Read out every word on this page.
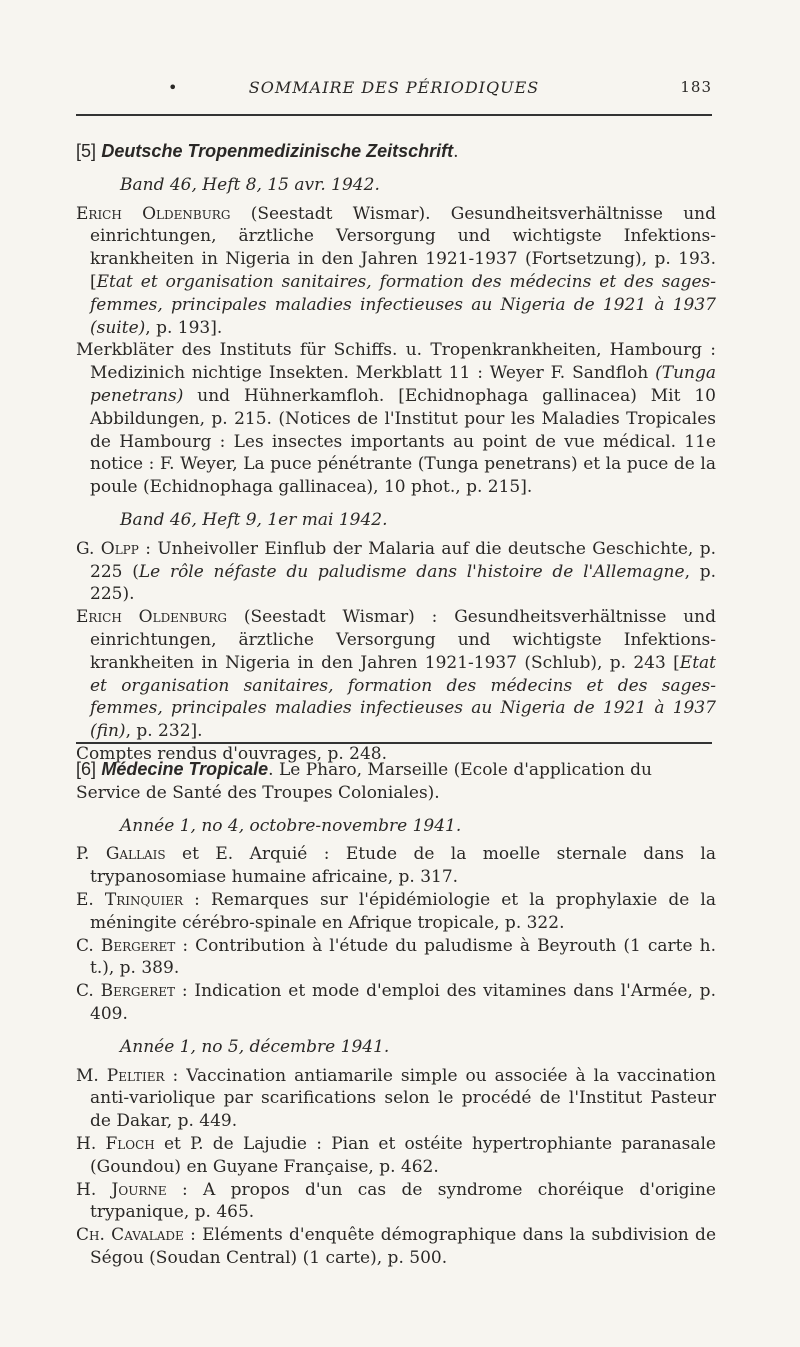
•	SOMMAIRE DES PÉRIODIQUES	183
[5] Deutsche Tropenmedizinische Zeitschrift.
Band 46, Heft 8, 15 avr. 1942.

Erich Oldenburg (Seestadt Wismar). Gesundheitsverhältnisse und einrichtungen, ärztliche Versorgung und wichtigste Infektions-krankheiten in Nigeria in den Jahren 1921-1937 (Fortsetzung), p. 193. [Etat et organisation sanitaires, formation des médecins et des sages-femmes, principales maladies infectieuses au Nigeria de 1921 à 1937 (suite), p. 193].

Merkbläter des Instituts für Schiffs. u. Tropenkrankheiten, Hambourg : Medizinich nichtige Insekten. Merkblatt 11 : Weyer F. Sandfloh (Tunga penetrans) und Hühnerkamfloh. [Echidnophaga gallinacea) Mit 10 Abbildungen, p. 215. (Notices de l'Institut pour les Maladies Tropicales de Hambourg : Les insectes importants au point de vue médical. 11e notice : F. Weyer, La puce pénétrante (Tunga penetrans) et la puce de la poule (Echidnophaga gallinacea), 10 phot., p. 215].

Band 46, Heft 9, 1er mai 1942.

G. Olpp : Unheivoller Einflub der Malaria auf die deutsche Geschichte, p. 225 (Le rôle néfaste du paludisme dans l'histoire de l'Allemagne, p. 225).

Erich Oldenburg (Seestadt Wismar) : Gesundheitsverhältnisse und einrichtungen, ärztliche Versorgung und wichtigste Infektions-krankheiten in Nigeria in den Jahren 1921-1937 (Schlub), p. 243 [Etat et organisation sanitaires, formation des médecins et des sages-femmes, principales maladies infectieuses au Nigeria de 1921 à 1937 (fin), p. 232].

Comptes rendus d'ouvrages, p. 248.

[6] Médecine Tropicale. Le Pharo, Marseille (Ecole d'application du Service de Santé des Troupes Coloniales).
Année 1, no 4, octobre-novembre 1941.

P. Gallais et E. Arquié : Etude de la moelle sternale dans la trypanosomiase humaine africaine, p. 317.

E. Trinquier : Remarques sur l'épidémiologie et la prophylaxie de la méningite cérébro-spinale en Afrique tropicale, p. 322.

C. Bergeret : Contribution à l'étude du paludisme à Beyrouth (1 carte h. t.), p. 389.

C. Bergeret : Indication et mode d'emploi des vitamines dans l'Armée, p. 409.

Année 1, no 5, décembre 1941.

M. Peltier : Vaccination antiamarile simple ou associée à la vaccination anti-variolique par scarifications selon le procédé de l'Institut Pasteur de Dakar, p. 449.

H. Floch et P. de Lajudie : Pian et ostéite hypertrophiante paranasale (Goundou) en Guyane Française, p. 462.

H. Journe : A propos d'un cas de syndrome choréique d'origine trypanique, p. 465.

Ch. Cavalade : Eléments d'enquête démographique dans la subdivision de Ségou (Soudan Central) (1 carte), p. 500.
